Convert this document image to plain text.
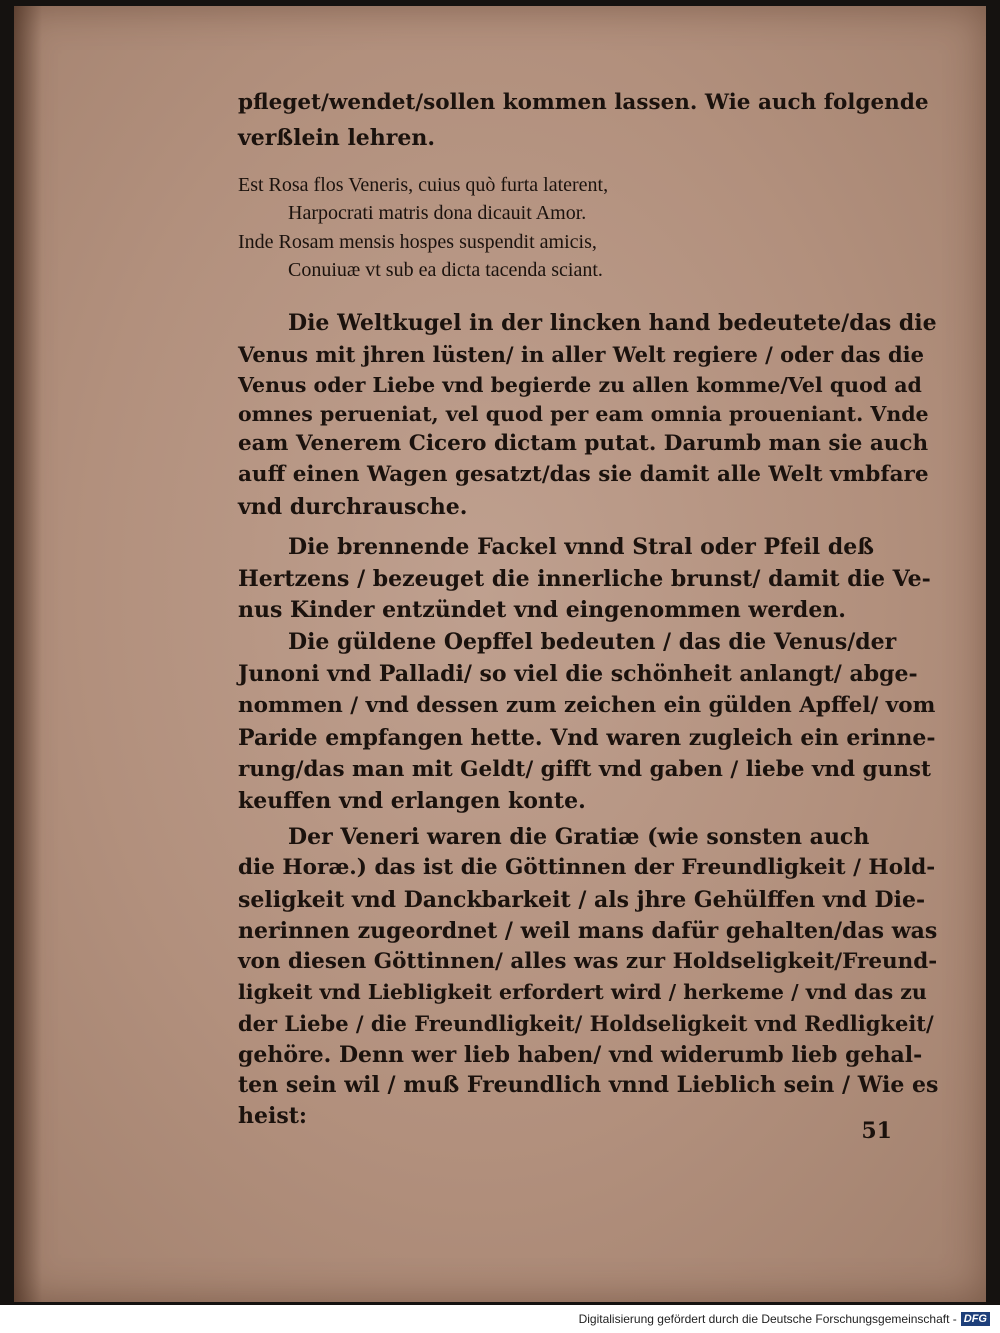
pfleget/wendet/sollen kommen lassen. Wie auch folgende
verßlein lehren.
Est Rosa flos Veneris, cuius quò furta laterent,
Harpocrati matris dona dicauit Amor.
Inde Rosam mensis hospes suspendit amicis,
Conuiuæ vt sub ea dicta tacenda sciant.
Die Weltkugel in der lincken hand bedeutete/das die
Venus mit jhren lüsten/ in aller Welt regiere / oder das die
Venus oder Liebe vnd begierde zu allen komme/Vel quod ad
omnes perueniat, vel quod per eam omnia proueniant. Vnde
eam Venerem Cicero dictam putat. Darumb man sie auch
auff einen Wagen gesatzt/das sie damit alle Welt vmbfare
vnd durchrausche.
Die brennende Fackel vnnd Stral oder Pfeil deß
Hertzens / bezeuget die innerliche brunst/ damit die Ve-
nus Kinder entzündet vnd eingenommen werden.
Die güldene Oepffel bedeuten / das die Venus/der
Junoni vnd Palladi/ so viel die schönheit anlangt/ abge-
nommen / vnd dessen zum zeichen ein gülden Apffel/ vom
Paride empfangen hette. Vnd waren zugleich ein erinne-
rung/das man mit Geldt/ gifft vnd gaben / liebe vnd gunst
keuffen vnd erlangen konte.
Der Veneri waren die Gratiæ (wie sonsten auch
die Horæ.) das ist die Göttinnen der Freundligkeit / Hold-
seligkeit vnd Danckbarkeit / als jhre Gehülffen vnd Die-
nerinnen zugeordnet / weil mans dafür gehalten/das was
von diesen Göttinnen/ alles was zur Holdseligkeit/Freund-
ligkeit vnd Liebligkeit erfordert wird / herkeme / vnd das zu
der Liebe / die Freundligkeit/ Holdseligkeit vnd Redligkeit/
gehöre. Denn wer lieb haben/ vnd widerumb lieb gehal-
ten sein wil / muß Freundlich vnnd Lieblich sein / Wie es
heist:
51
Digitalisierung gefördert durch die Deutsche Forschungsgemeinschaft - DFG
